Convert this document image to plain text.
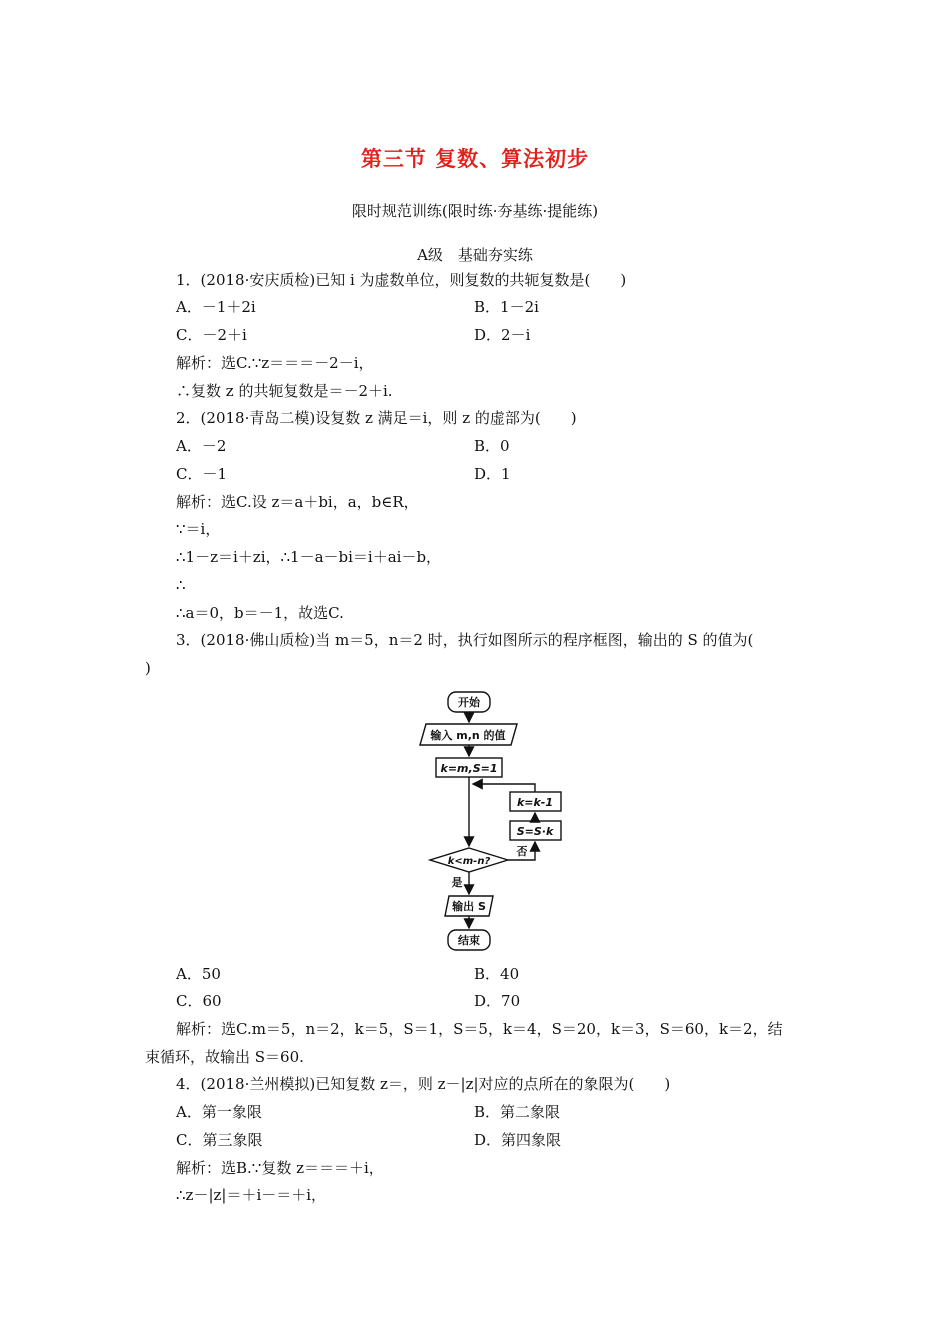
第三节 复数、算法初步
限时规范训练(限时练·夯基练·提能练)
A级　基础夯实练
1．(2018·安庆质检)已知 i 为虚数单位，则复数的共轭复数是(　　)
A．－1＋2i	B．1－2i
C．－2＋i	D．2－i
解析：选C.∵z＝＝＝－2－i，
∴复数 z 的共轭复数是＝－2＋i.
2．(2018·青岛二模)设复数 z 满足＝i，则 z 的虚部为(　　)
A．－2	B．0
C．－1	D．1
解析：选C.设 z＝a＋bi，a，b∈R，
∵＝i，
∴1－z＝i＋zi，∴1－a－bi＝i＋ai－b，
∴
∴a＝0，b＝－1，故选C.
3．(2018·佛山质检)当 m＝5，n＝2 时，执行如图所示的程序框图，输出的 S 的值为(
)
开始
输入 m,n 的值
k=m,S=1
k=k-1
S=S·k
k<m-n?
否
是
输出 S
结束
A．50	B．40
C．60	D．70
解析：选C.m＝5，n＝2，k＝5，S＝1，S＝5，k＝4，S＝20，k＝3，S＝60，k＝2，结
束循环，故输出 S＝60.
4．(2018·兰州模拟)已知复数 z＝，则 z－|z|对应的点所在的象限为(　　)
A．第一象限	B．第二象限
C．第三象限	D．第四象限
解析：选B.∵复数 z＝＝＝＋i，
∴z－|z|＝＋i－＝＋i，
